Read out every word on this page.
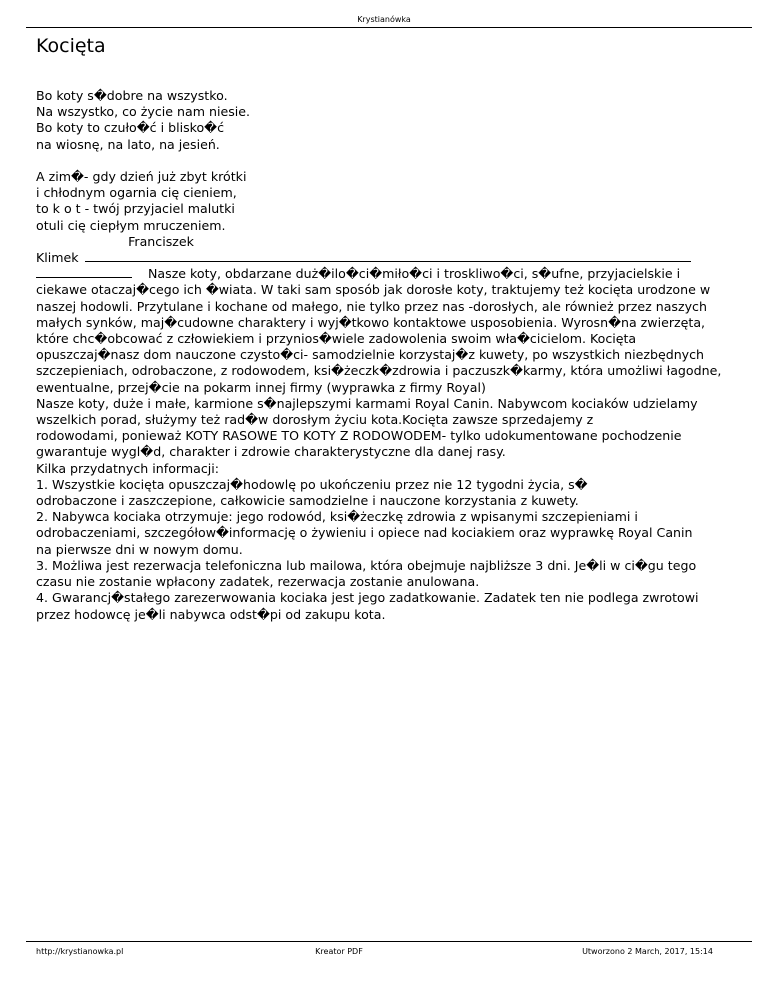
Krystianówka
Kocięta

Bo koty s�dobre na wszystko.
Na wszystko, co życie nam niesie.
Bo koty to czuło�ć i blisko�ć
na wiosnę, na lato, na jesień.

A zim�- gdy dzień już zbyt krótki
i chłodnym ogarnia cię cieniem,
to k o t - twój przyjaciel malutki
otuli cię ciepłym mruczeniem.

Franciszek
Klimek

Nasze koty, obdarzane duż�ilo�ci�miło�ci i troskliwo�ci, s�ufne, przyjacielskie i ciekawe otaczaj�cego ich �wiata. W taki sam sposób jak dorosłe koty, traktujemy też kocięta urodzone w naszej hodowli. Przytulane i kochane od małego, nie tylko przez nas -dorosłych, ale również przez naszych małych synków, maj�cudowne charaktery i wyj�tkowo kontaktowe usposobienia. Wyrosn�na zwierzęta, które chc�obcować z człowiekiem i przynios�wiele zadowolenia swoim wła�cicielom. Kocięta opuszczaj�nasz dom nauczone czysto�ci- samodzielnie korzystaj�z kuwety, po wszystkich niezbędnych szczepieniach, odrobaczone, z rodowodem, ksi�żeczk�zdrowia i paczuszk�karmy, która umożliwi łagodne, ewentualne, przej�cie na pokarm innej firmy (wyprawka z firmy Royal)

Nasze koty, duże i małe, karmione s�najlepszymi karmami Royal Canin. Nabywcom kociaków udzielamy wszelkich porad, służymy też rad�w dorosłym życiu kota.Kocięta zawsze sprzedajemy z
rodowodami, ponieważ KOTY RASOWE TO KOTY Z RODOWODEM- tylko udokumentowane pochodzenie
gwarantuje wygl�d, charakter i zdrowie charakterystyczne dla danej rasy.
Kilka przydatnych informacji:
1. Wszystkie kocięta opuszczaj�hodowlę po ukończeniu przez nie 12 tygodni życia, s�
odrobaczone i zaszczepione, całkowicie samodzielne i nauczone korzystania z kuwety.
2. Nabywca kociaka otrzymuje: jego rodowód, ksi�żeczkę zdrowia z wpisanymi szczepieniami i
odrobaczeniami, szczegółow�informację o żywieniu i opiece nad kociakiem oraz wyprawkę Royal Canin
na pierwsze dni w nowym domu.
3. Możliwa jest rezerwacja telefoniczna lub mailowa, która obejmuje najbliższe 3 dni. Je�li w ci�gu tego
czasu nie zostanie wpłacony zadatek, rezerwacja zostanie anulowana.
4. Gwarancj�stałego zarezerwowania kociaka jest jego zadatkowanie. Zadatek ten nie podlega zwrotowi
przez hodowcę je�li nabywca odst�pi od zakupu kota.

http://krystianowka.pl	Kreator PDF	Utworzono 2 March, 2017, 15:14
